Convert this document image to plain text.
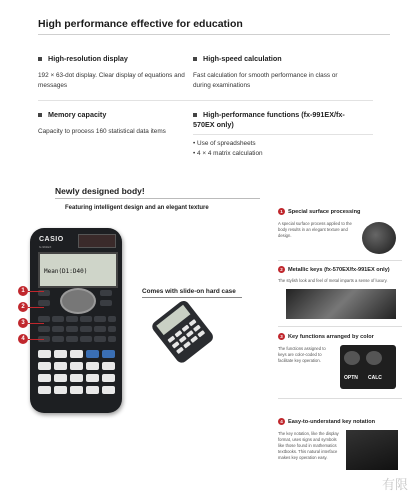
High performance effective for education
High-resolution display
192 × 63-dot display. Clear display of equations and messages
High-speed calculation
Fast calculation for smooth performance in class or during examinations
Memory capacity
Capacity to process 160 statistical data items
High-performance functions (fx-991EX/fx-570EX only)
• Use of spreadsheets
• 4 × 4 matrix calculation
Newly designed body!
Featuring intelligent design and an elegant texture
CASIO
fx-991EX
Mean(D1:D40)
1
2
3
4
Comes with slide-on hard case
1 Special surface processing
A special surface process applied to the body results in an elegant texture and design.
2 Metallic keys (fx-570EX/fx-991EX only)
The stylish look and feel of metal imparts a sense of luxury.
3 Key functions arranged by color
The functions assigned to keys are color-coded to facilitate key operation.
OPTN CALC
4 Easy-to-understand key notation
The key notation, like the display format, uses signs and symbols like those found in mathematics textbooks. This natural interface makes key operation easy.
有限
